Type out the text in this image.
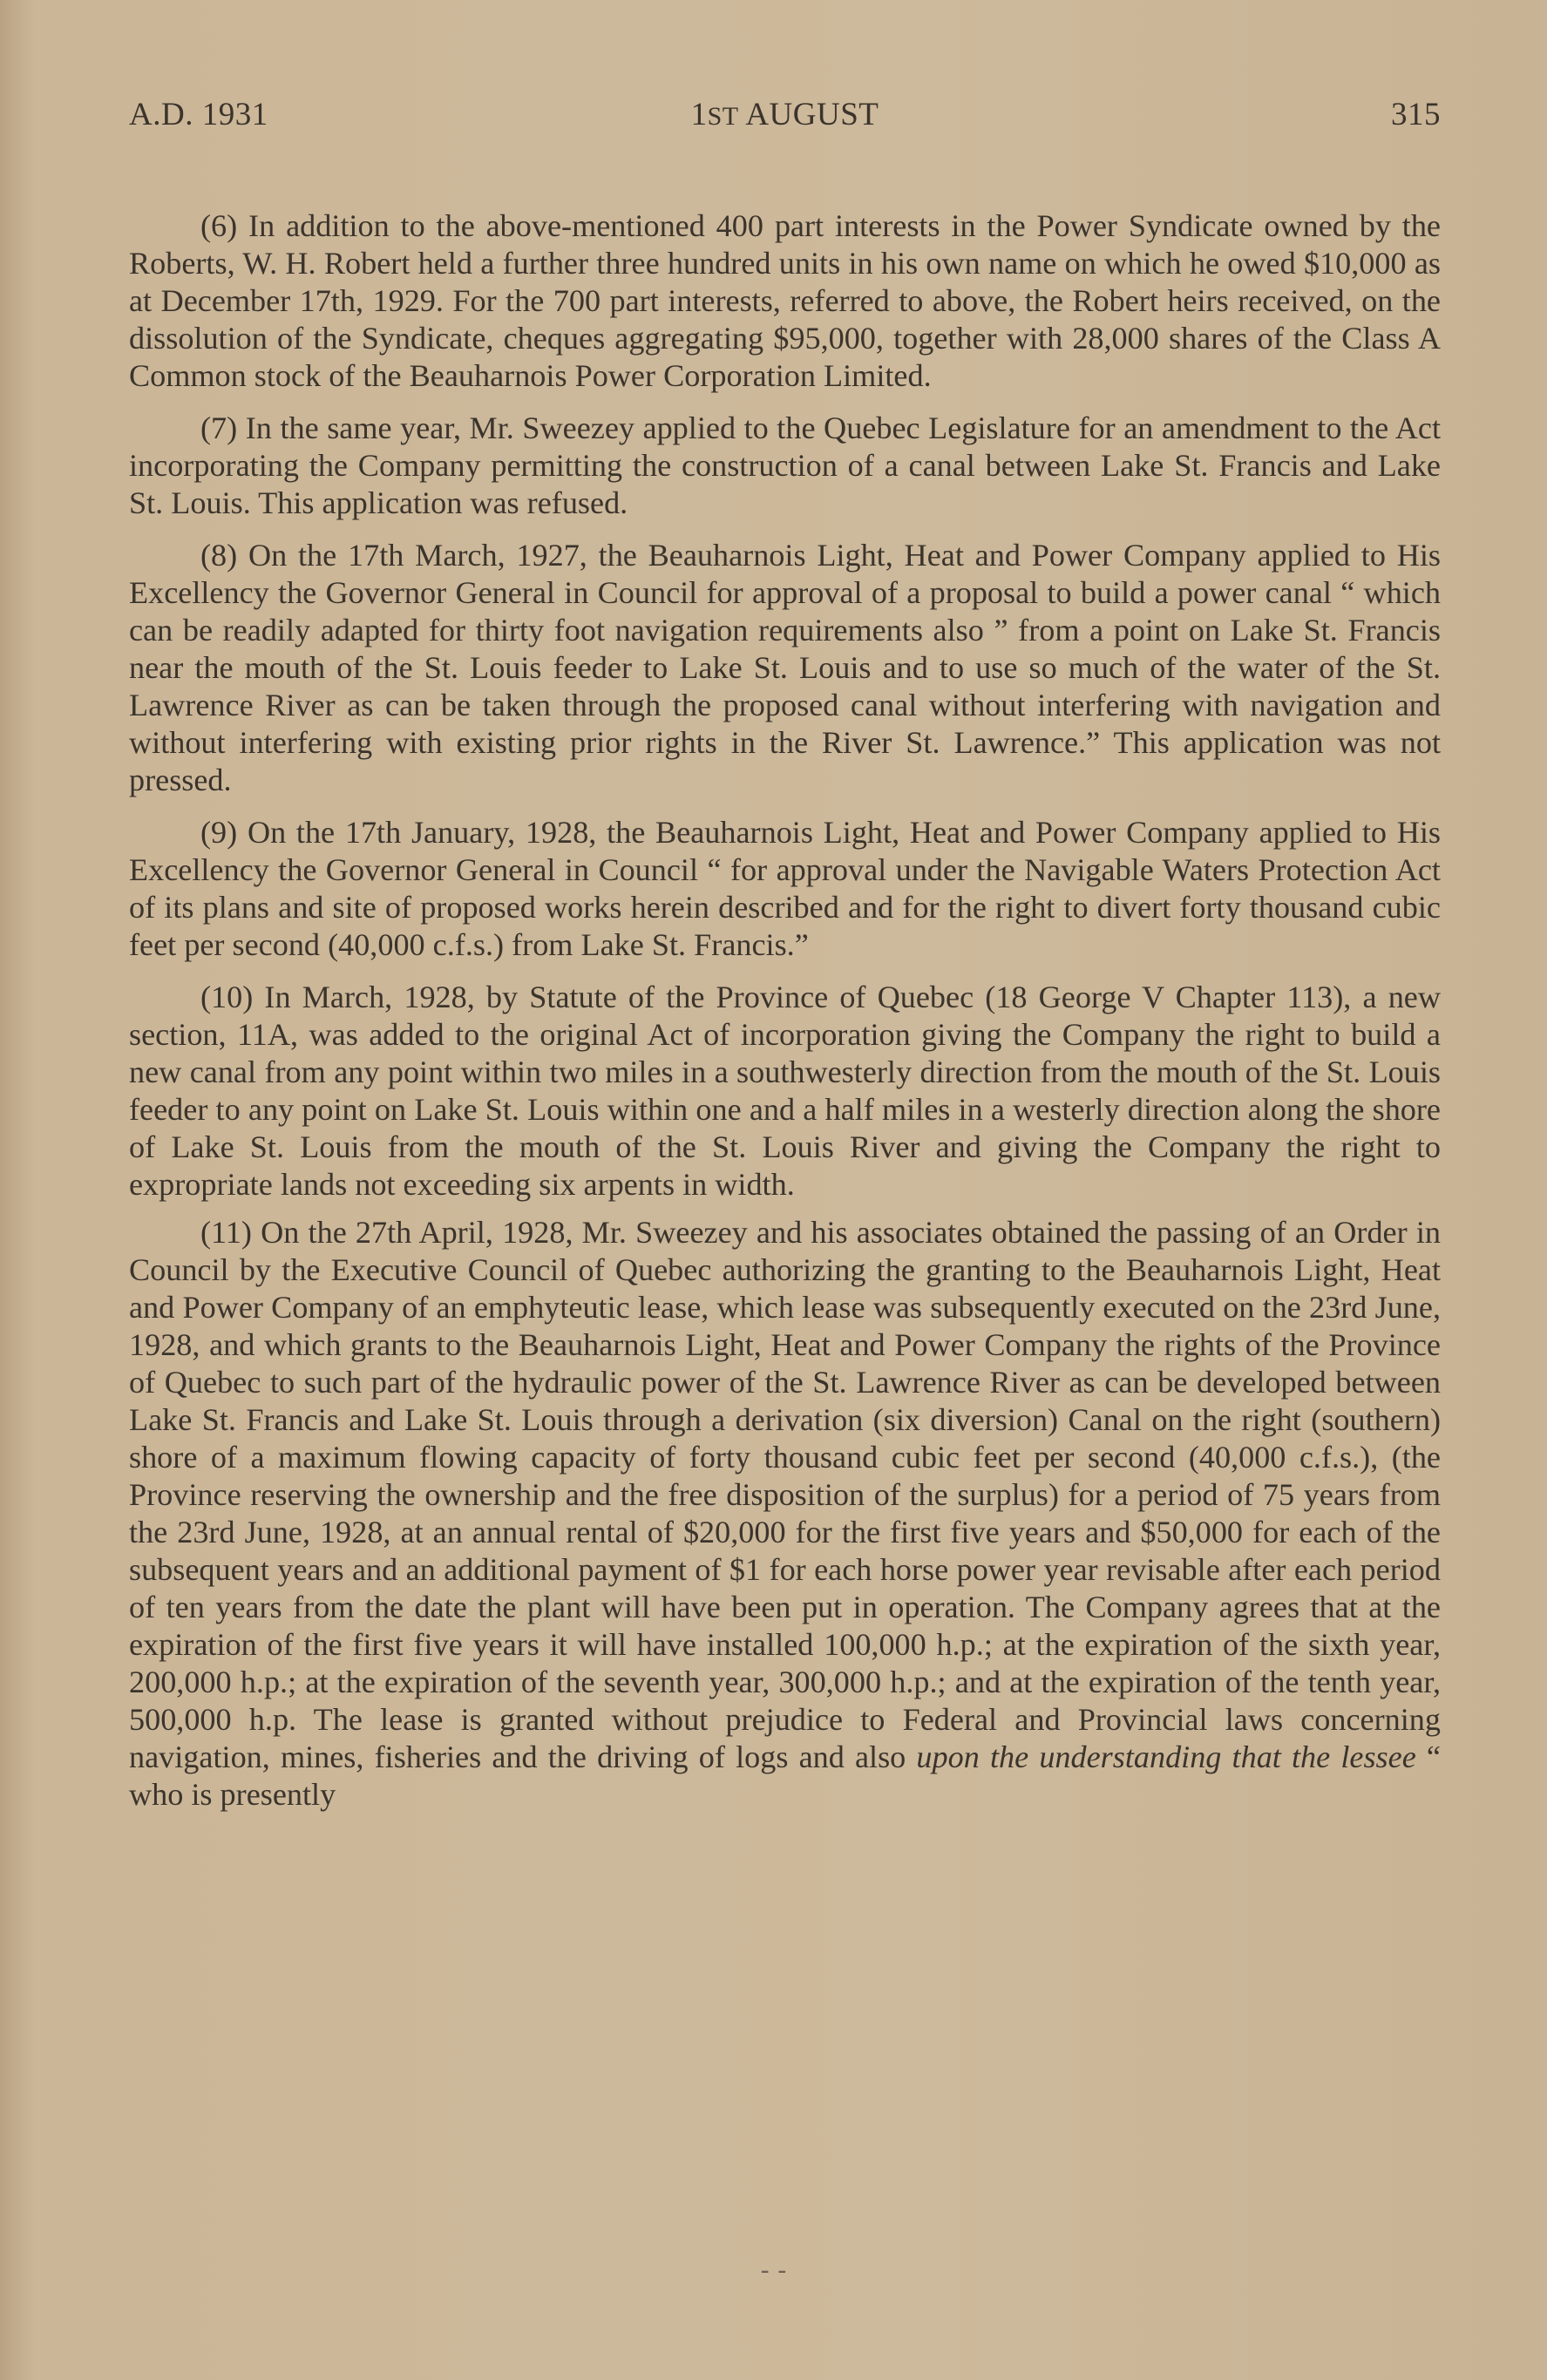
A.D. 1931	1ST AUGUST	315

(6) In addition to the above-mentioned 400 part interests in the Power Syndicate owned by the Roberts, W. H. Robert held a further three hundred units in his own name on which he owed $10,000 as at December 17th, 1929. For the 700 part interests, referred to above, the Robert heirs received, on the dissolution of the Syndicate, cheques aggregating $95,000, together with 28,000 shares of the Class A Common stock of the Beauharnois Power Corporation Limited.

(7) In the same year, Mr. Sweezey applied to the Quebec Legislature for an amendment to the Act incorporating the Company permitting the construction of a canal between Lake St. Francis and Lake St. Louis. This application was refused.

(8) On the 17th March, 1927, the Beauharnois Light, Heat and Power Company applied to His Excellency the Governor General in Council for approval of a proposal to build a power canal “ which can be readily adapted for thirty foot navigation requirements also ” from a point on Lake St. Francis near the mouth of the St. Louis feeder to Lake St. Louis and to use so much of the water of the St. Lawrence River as can be taken through the proposed canal without interfering with navigation and without interfering with existing prior rights in the River St. Lawrence.” This application was not pressed.

(9) On the 17th January, 1928, the Beauharnois Light, Heat and Power Company applied to His Excellency the Governor General in Council “ for approval under the Navigable Waters Protection Act of its plans and site of proposed works herein described and for the right to divert forty thousand cubic feet per second (40,000 c.f.s.) from Lake St. Francis.”

(10) In March, 1928, by Statute of the Province of Quebec (18 George V Chapter 113), a new section, 11A, was added to the original Act of incorporation giving the Company the right to build a new canal from any point within two miles in a southwesterly direction from the mouth of the St. Louis feeder to any point on Lake St. Louis within one and a half miles in a westerly direction along the shore of Lake St. Louis from the mouth of the St. Louis River and giving the Company the right to expropriate lands not exceeding six arpents in width.

(11) On the 27th April, 1928, Mr. Sweezey and his associates obtained the passing of an Order in Council by the Executive Council of Quebec authorizing the granting to the Beauharnois Light, Heat and Power Company of an emphyteutic lease, which lease was subsequently executed on the 23rd June, 1928, and which grants to the Beauharnois Light, Heat and Power Company the rights of the Province of Quebec to such part of the hydraulic power of the St. Lawrence River as can be developed between Lake St. Francis and Lake St. Louis through a derivation (six diversion) Canal on the right (southern) shore of a maximum flowing capacity of forty thousand cubic feet per second (40,000 c.f.s.), (the Province reserving the ownership and the free disposition of the surplus) for a period of 75 years from the 23rd June, 1928, at an annual rental of $20,000 for the first five years and $50,000 for each of the subsequent years and an additional payment of $1 for each horse power year revisable after each period of ten years from the date the plant will have been put in operation. The Company agrees that at the expiration of the first five years it will have installed 100,000 h.p.; at the expiration of the sixth year, 200,000 h.p.; at the expiration of the seventh year, 300,000 h.p.; and at the expiration of the tenth year, 500,000 h.p. The lease is granted without prejudice to Federal and Provincial laws concerning navigation, mines, fisheries and the driving of logs and also upon the understanding that the lessee “ who is presently

- -
